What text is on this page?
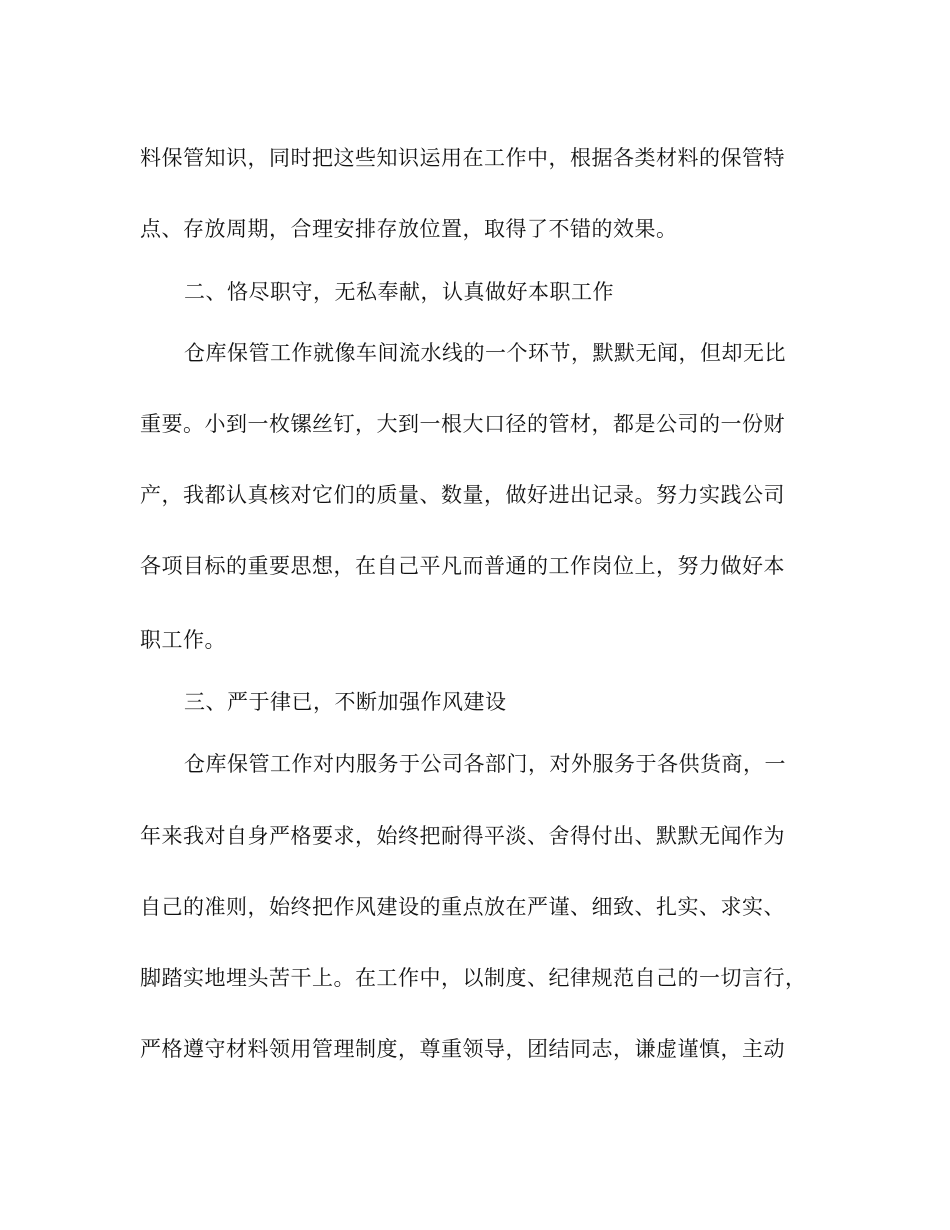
料保管知识，同时把这些知识运用在工作中，根据各类材料的保管特
点、存放周期，合理安排存放位置，取得了不错的效果。
二、恪尽职守，无私奉献，认真做好本职工作
仓库保管工作就像车间流水线的一个环节，默默无闻，但却无比
重要。小到一枚镙丝钉，大到一根大口径的管材，都是公司的一份财
产，我都认真核对它们的质量、数量，做好进出记录。努力实践公司
各项目标的重要思想，在自己平凡而普通的工作岗位上，努力做好本
职工作。
三、严于律已，不断加强作风建设
仓库保管工作对内服务于公司各部门，对外服务于各供货商，一
年来我对自身严格要求，始终把耐得平淡、舍得付出、默默无闻作为
自己的准则，始终把作风建设的重点放在严谨、细致、扎实、求实、
脚踏实地埋头苦干上。在工作中，以制度、纪律规范自己的一切言行，
严格遵守材料领用管理制度，尊重领导，团结同志，谦虚谨慎，主动
